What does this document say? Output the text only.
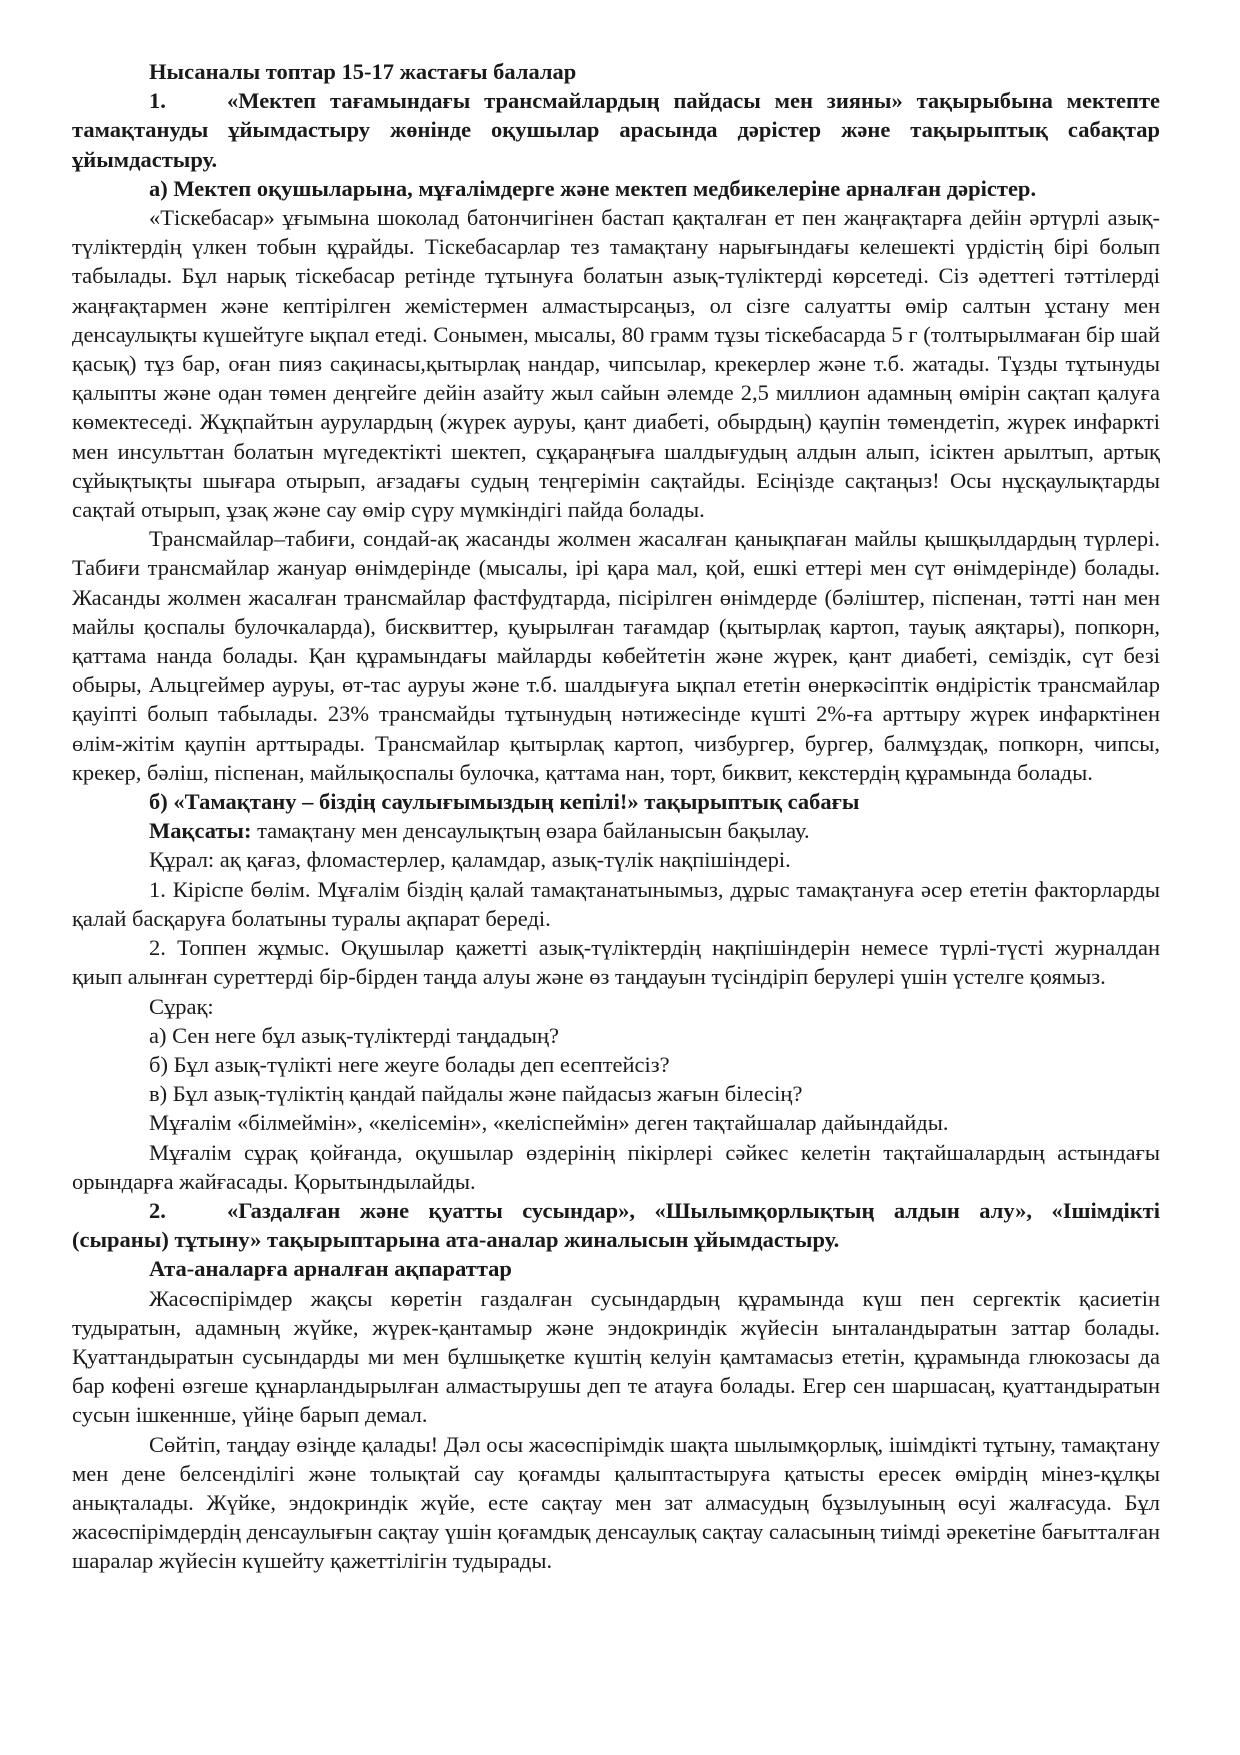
Нысаналы топтар 15-17 жастағы балалар

1.	«Мектеп тағамындағы трансмайлардың пайдасы мен зияны» тақырыбына мектепте тамақтануды ұйымдастыру жөнінде оқушылар арасында дәрістер және тақырыптық сабақтар ұйымдастыру.

а) Мектеп оқушыларына, мұғалімдерге және мектеп медбикелеріне арналған дәрістер.

«Тіскебасар» ұғымына шоколад батончигінен бастап қақталған ет пен жаңғақтарға дейін әртүрлі азық-түліктердің үлкен тобын құрайды. Тіскебасарлар тез тамақтану нарығындағы келешекті үрдістің бірі болып табылады. Бұл нарық тіскебасар ретінде тұтынуға болатын азық-түліктерді көрсетеді. Сіз әдеттегі тәттілерді жаңғақтармен және кептірілген жемістермен алмастырсаңыз, ол сізге салуатты өмір салтын ұстану мен денсаулықты күшейтуге ықпал етеді. Сонымен, мысалы, 80 грамм тұзы тіскебасарда 5 г (толтырылмаған бір шай қасық) тұз бар, оған пияз сақинасы,қытырлақ нандар, чипсылар, крекерлер және т.б. жатады. Тұзды тұтынуды қалыпты және одан төмен деңгейге дейін азайту жыл сайын әлемде 2,5 миллион адамның өмірін сақтап қалуға көмектеседі. Жұқпайтын аурулардың (жүрек ауруы, қант диабеті, обырдың) қаупін төмендетіп, жүрек инфаркті мен инсульттан болатын мүгедектікті шектеп, сұқараңғыға шалдығудың алдын алып, ісіктен арылтып, артық сұйықтықты шығара отырып, ағзадағы судың теңгерімін сақтайды. Есіңізде сақтаңыз! Осы нұсқаулықтарды сақтай отырып, ұзақ және сау өмір сүру мүмкіндігі пайда болады.

Трансмайлар–табиғи, сондай-ақ жасанды жолмен жасалған қанықпаған майлы қышқылдардың түрлері. Табиғи трансмайлар жануар өнімдерінде (мысалы, ірі қара мал, қой, ешкі еттері мен сүт өнімдерінде) болады. Жасанды жолмен жасалған трансмайлар фастфудтарда, пісірілген өнімдерде (бәліштер, піспенан, тәтті нан мен майлы қоспалы булочкаларда), бисквиттер, қуырылған тағамдар (қытырлақ картоп, тауық аяқтары), попкорн, қаттама нанда болады. Қан құрамындағы майларды көбейтетін және жүрек, қант диабеті, семіздік, сүт безі обыры, Альцгеймер ауруы, өт-тас ауруы және т.б. шалдығуға ықпал ететін өнеркәсіптік өндірістік трансмайлар қауіпті болып табылады. 23% трансмайды тұтынудың нәтижесінде күшті 2%-ға арттыру жүрек инфарктінен өлім-жітім қаупін арттырады. Трансмайлар қытырлақ картоп, чизбургер, бургер, балмұздақ, попкорн, чипсы, крекер, бәліш, піспенан, майлықоспалы булочка, қаттама нан, торт, биквит, кекстердің құрамында болады.

б) «Тамақтану – біздің саулығымыздың кепілі!» тақырыптық сабағы

Мақсаты: тамақтану мен денсаулықтың өзара байланысын бақылау.

Құрал: ақ қағаз, фломастерлер, қаламдар, азық-түлік нақпішіндері.

1. Кіріспе бөлім. Мұғалім біздің қалай тамақтанатынымыз, дұрыс тамақтануға әсер ететін факторларды қалай басқаруға болатыны туралы ақпарат береді.

2. Топпен жұмыс. Оқушылар қажетті азық-түліктердің нақпішіндерін немесе түрлі-түсті журналдан қиып алынған суреттерді бір-бірден таңда алуы және өз таңдауын түсіндіріп берулері үшін үстелге қоямыз.

Сұрақ:

а) Сен неге бұл азық-түліктерді таңдадың?

б) Бұл азық-түлікті неге жеуге болады деп есептейсіз?

в) Бұл азық-түліктің қандай пайдалы және пайдасыз жағын білесің?

Мұғалім «білмеймін», «келісемін», «келіспеймін» деген тақтайшалар дайындайды.

Мұғалім сұрақ қойғанда, оқушылар өздерінің пікірлері сәйкес келетін тақтайшалардың астындағы орындарға жайғасады. Қорытындылайды.

2.	«Газдалған және қуатты сусындар», «Шылымқорлықтың алдын алу», «Ішімдікті (сыраны) тұтыну» тақырыптарына ата-аналар жиналысын ұйымдастыру.

Ата-аналарға арналған ақпараттар

Жасөспірімдер жақсы көретін газдалған сусындардың құрамында күш пен сергектік қасиетін тудыратын, адамның жүйке, жүрек-қантамыр және эндокриндік жүйесін ынталандыратын заттар болады. Қуаттандыратын сусындарды ми мен бұлшықетке күштің келуін қамтамасыз ететін, құрамында глюкозасы да бар кофені өзгеше құнарландырылған алмастырушы деп те атауға болады. Егер сен шаршасаң, қуаттандыратын сусын ішкеннше, үйіңе барып демал.

Сөйтіп, таңдау өзіңде қалады! Дәл осы жасөспірімдік шақта шылымқорлық, ішімдікті тұтыну, тамақтану мен дене белсенділігі және толықтай сау қоғамды қалыптастыруға қатысты ересек өмірдің мінез-құлқы анықталады. Жүйке, эндокриндік жүйе, есте сақтау мен зат алмасудың бұзылуының өсуі жалғасуда. Бұл жасөспірімдердің денсаулығын сақтау үшін қоғамдық денсаулық сақтау саласының тиімді әрекетіне бағытталған шаралар жүйесін күшейту қажеттілігін тудырады.
